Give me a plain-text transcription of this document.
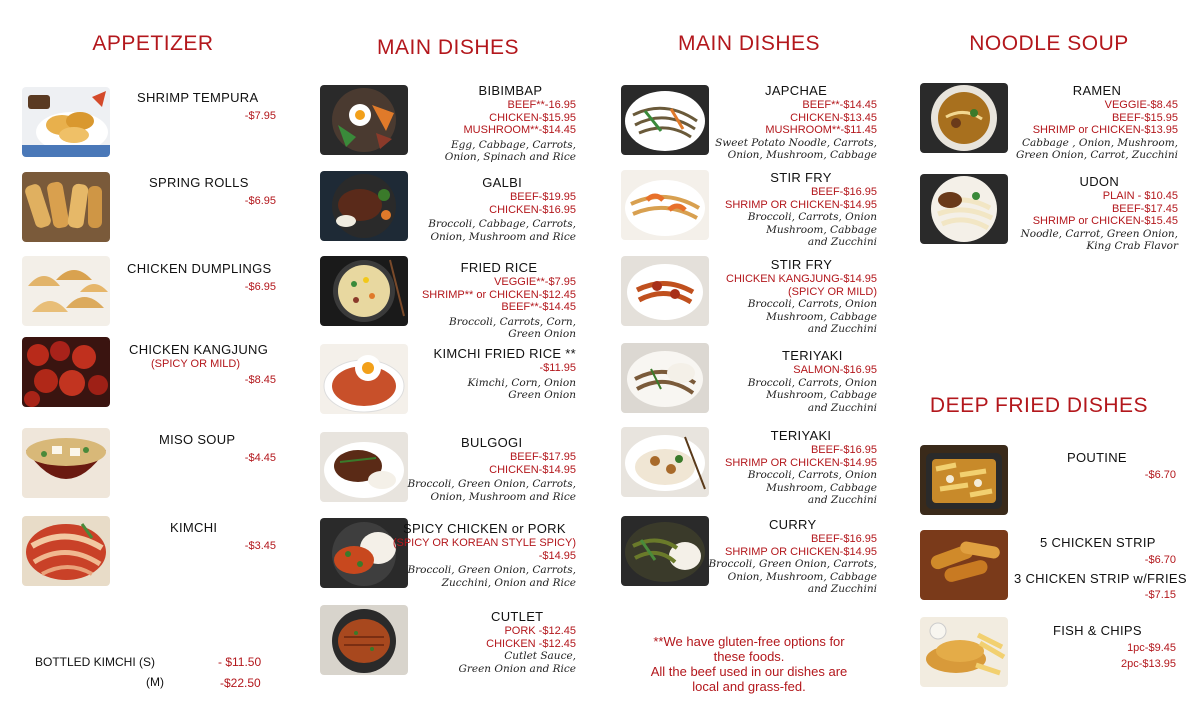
APPETIZER
SHRIMP TEMPURA
-$7.95
SPRING ROLLS
-$6.95
CHICKEN DUMPLINGS
-$6.95
CHICKEN KANGJUNG
(SPICY OR MILD)
-$8.45
MISO SOUP
-$4.45
KIMCHI
-$3.45
BOTTLED KIMCHI (S)	- $11.50
(M)	-$22.50
MAIN DISHES
BIBIMBAP
BEEF**-16.95
CHICKEN-$15.95
MUSHROOM**-$14.45
Egg, Cabbage, Carrots,
Onion, Spinach and Rice
GALBI
BEEF-$19.95
CHICKEN-$16.95
Broccoli, Cabbage, Carrots,
Onion, Mushroom and Rice
FRIED RICE
VEGGIE**-$7.95
SHRIMP** or CHICKEN-$12.45
BEEF**-$14.45
Broccoli, Carrots, Corn,
Green Onion
KIMCHI FRIED RICE **
-$11.95
Kimchi, Corn, Onion
Green Onion
BULGOGI
BEEF-$17.95
CHICKEN-$14.95
Broccoli, Green Onion, Carrots,
Onion, Mushroom and Rice
SPICY CHICKEN or PORK
(SPICY OR KOREAN STYLE SPICY)
-$14.95
Broccoli, Green Onion, Carrots,
Zucchini, Onion and Rice
CUTLET
PORK -$12.45
CHICKEN -$12.45
Cutlet Sauce,
Green Onion and Rice
MAIN DISHES
JAPCHAE
BEEF**-$14.45
CHICKEN-$13.45
MUSHROOM**-$11.45
Sweet Potato Noodle, Carrots,
Onion, Mushroom, Cabbage
STIR FRY
BEEF-$16.95
SHRIMP OR CHICKEN-$14.95
Broccoli, Carrots, Onion
Mushroom, Cabbage
and Zucchini
STIR FRY
CHICKEN KANGJUNG-$14.95
(SPICY OR MILD)
Broccoli, Carrots, Onion
Mushroom, Cabbage
and Zucchini
TERIYAKI
SALMON-$16.95
Broccoli, Carrots, Onion
Mushroom, Cabbage
and Zucchini
TERIYAKI
BEEF-$16.95
SHRIMP OR CHICKEN-$14.95
Broccoli, Carrots, Onion
Mushroom, Cabbage
and Zucchini
CURRY
BEEF-$16.95
SHRIMP OR CHICKEN-$14.95
Broccoli, Green Onion, Carrots,
Onion, Mushroom, Cabbage
and Zucchini
**We have gluten-free options for
these foods.
All the beef used in our dishes are
local and grass-fed.
NOODLE SOUP
RAMEN
VEGGIE-$8.45
BEEF-$15.95
SHRIMP or CHICKEN-$13.95
Cabbage , Onion, Mushroom,
Green Onion, Carrot, Zucchini
UDON
PLAIN - $10.45
BEEF-$17.45
SHRIMP or CHICKEN-$15.45
Noodle, Carrot, Green Onion,
King Crab Flavor
DEEP FRIED DISHES
POUTINE
-$6.70
5 CHICKEN STRIP
-$6.70
3 CHICKEN STRIP w/FRIES
-$7.15
FISH & CHIPS
1pc-$9.45
2pc-$13.95
